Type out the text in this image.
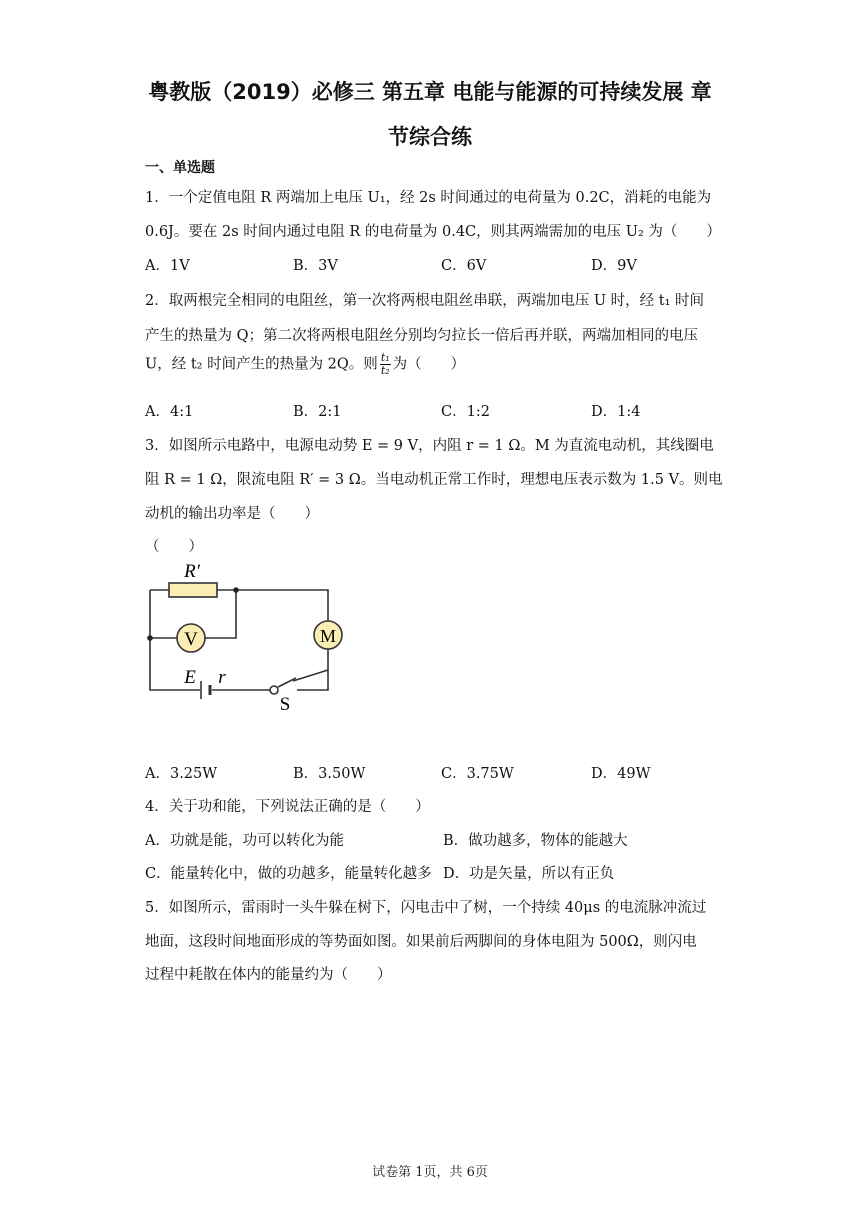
粤教版（2019）必修三 第五章 电能与能源的可持续发展 章
节综合练
一、单选题
1．一个定值电阻 R 两端加上电压 U₁，经 2s 时间通过的电荷量为 0.2C，消耗的电能为
0.6J。要在 2s 时间内通过电阻 R 的电荷量为 0.4C，则其两端需加的电压 U₂ 为（　　）
A．1V	B．3V	C．6V	D．9V
2．取两根完全相同的电阻丝，第一次将两根电阻丝串联，两端加电压 U 时，经 t₁ 时间
产生的热量为 Q；第二次将两根电阻丝分别均匀拉长一倍后再并联，两端加相同的电压
U，经 t₂ 时间产生的热量为 2Q。则 $\frac{\text{t₁}}{\text{t₂}}$ 为（　　）
A．4:1	B．2:1	C．1:2	D．1:4
3．如图所示电路中，电源电动势 E = 9 V，内阻 r = 1 Ω。M 为直流电动机，其线圈电
阻 R = 1 Ω，限流电阻 R′ = 3 Ω。当电动机正常工作时，理想电压表示数为 1.5 V。则电
动机的输出功率是（　　）
（　　）
R′
V	M
E r
S
A．3.25W	B．3.50W	C．3.75W	D．49W
4．关于功和能，下列说法正确的是（　　）
A．功就是能，功可以转化为能	B．做功越多，物体的能越大
C．能量转化中，做的功越多，能量转化越多 D．功是矢量，所以有正负
5．如图所示，雷雨时一头牛躲在树下，闪电击中了树，一个持续 40μs 的电流脉冲流过
地面，这段时间地面形成的等势面如图。如果前后两脚间的身体电阻为 500Ω，则闪电
过程中耗散在体内的能量约为（　　）
试卷第 1页，共 6页
